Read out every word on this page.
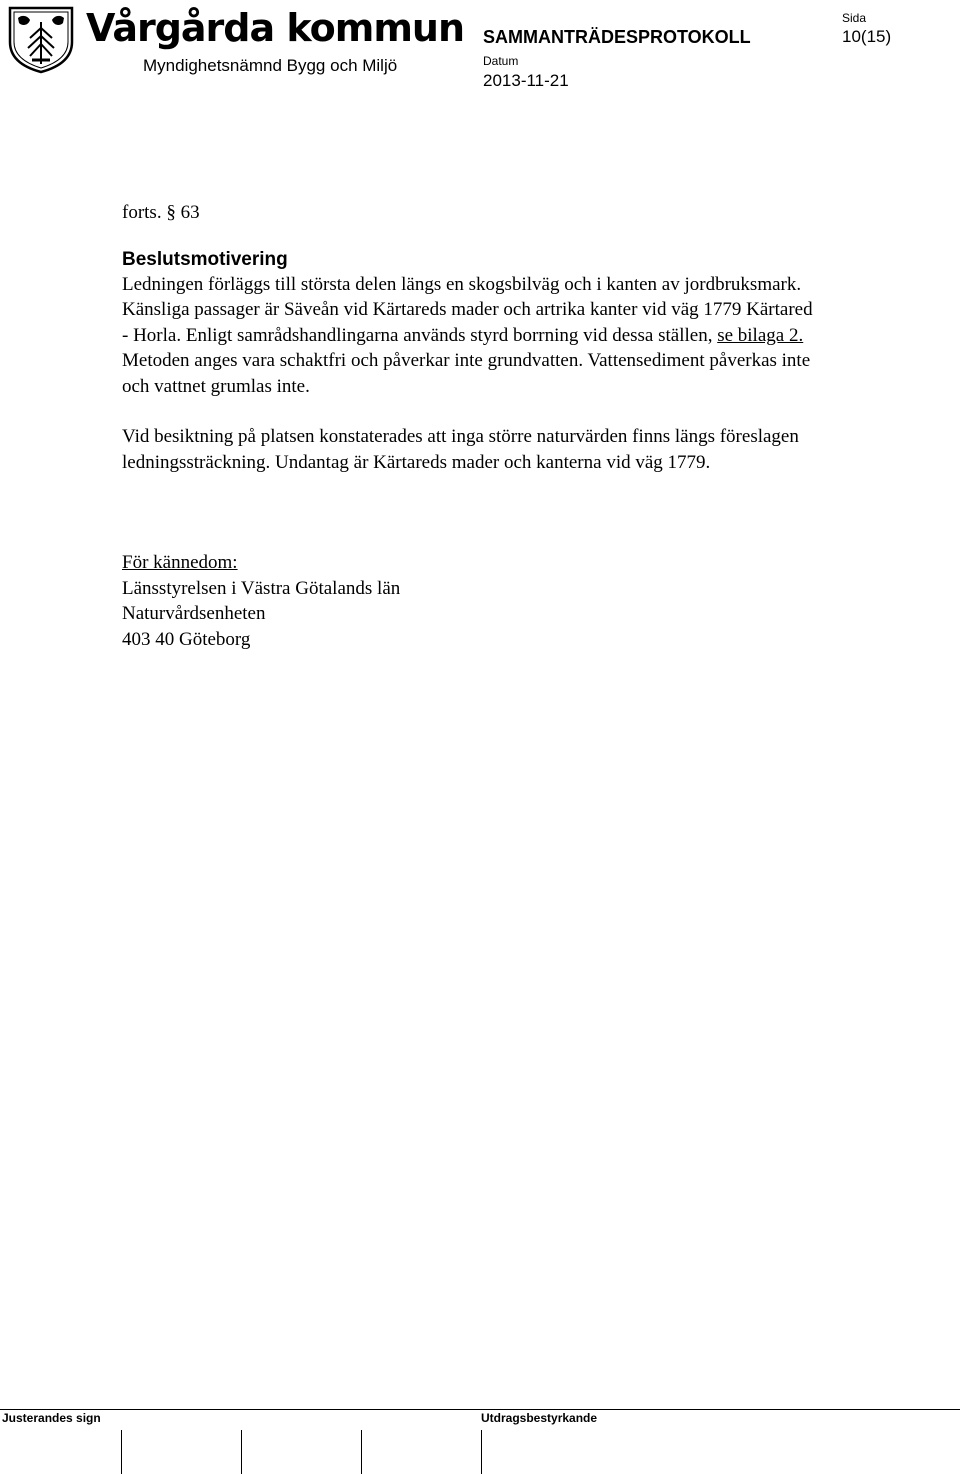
Vårgårda kommun
Myndighetsnämnd Bygg och Miljö
SAMMANTRÄDESPROTOKOLL
Datum
2013-11-21
Sida
10(15)

forts. § 63

Beslutsmotivering

Ledningen förläggs till största delen längs en skogsbilväg och i kanten av jordbruksmark. Känsliga passager är Säveån vid Kärtareds mader och artrika kanter vid väg 1779 Kärtared - Horla. Enligt samrådshandlingarna används styrd borrning vid dessa ställen, se bilaga 2. Metoden anges vara schaktfri och påverkar inte grundvatten. Vattensediment påverkas inte och vattnet grumlas inte.

Vid besiktning på platsen konstaterades att inga större naturvärden finns längs föreslagen ledningssträckning. Undantag är Kärtareds mader och kanterna vid väg 1779.

För kännedom:

Länsstyrelsen i Västra Götalands län

Naturvårdsenheten

403 40 Göteborg

Justerandes sign	Utdragsbestyrkande
